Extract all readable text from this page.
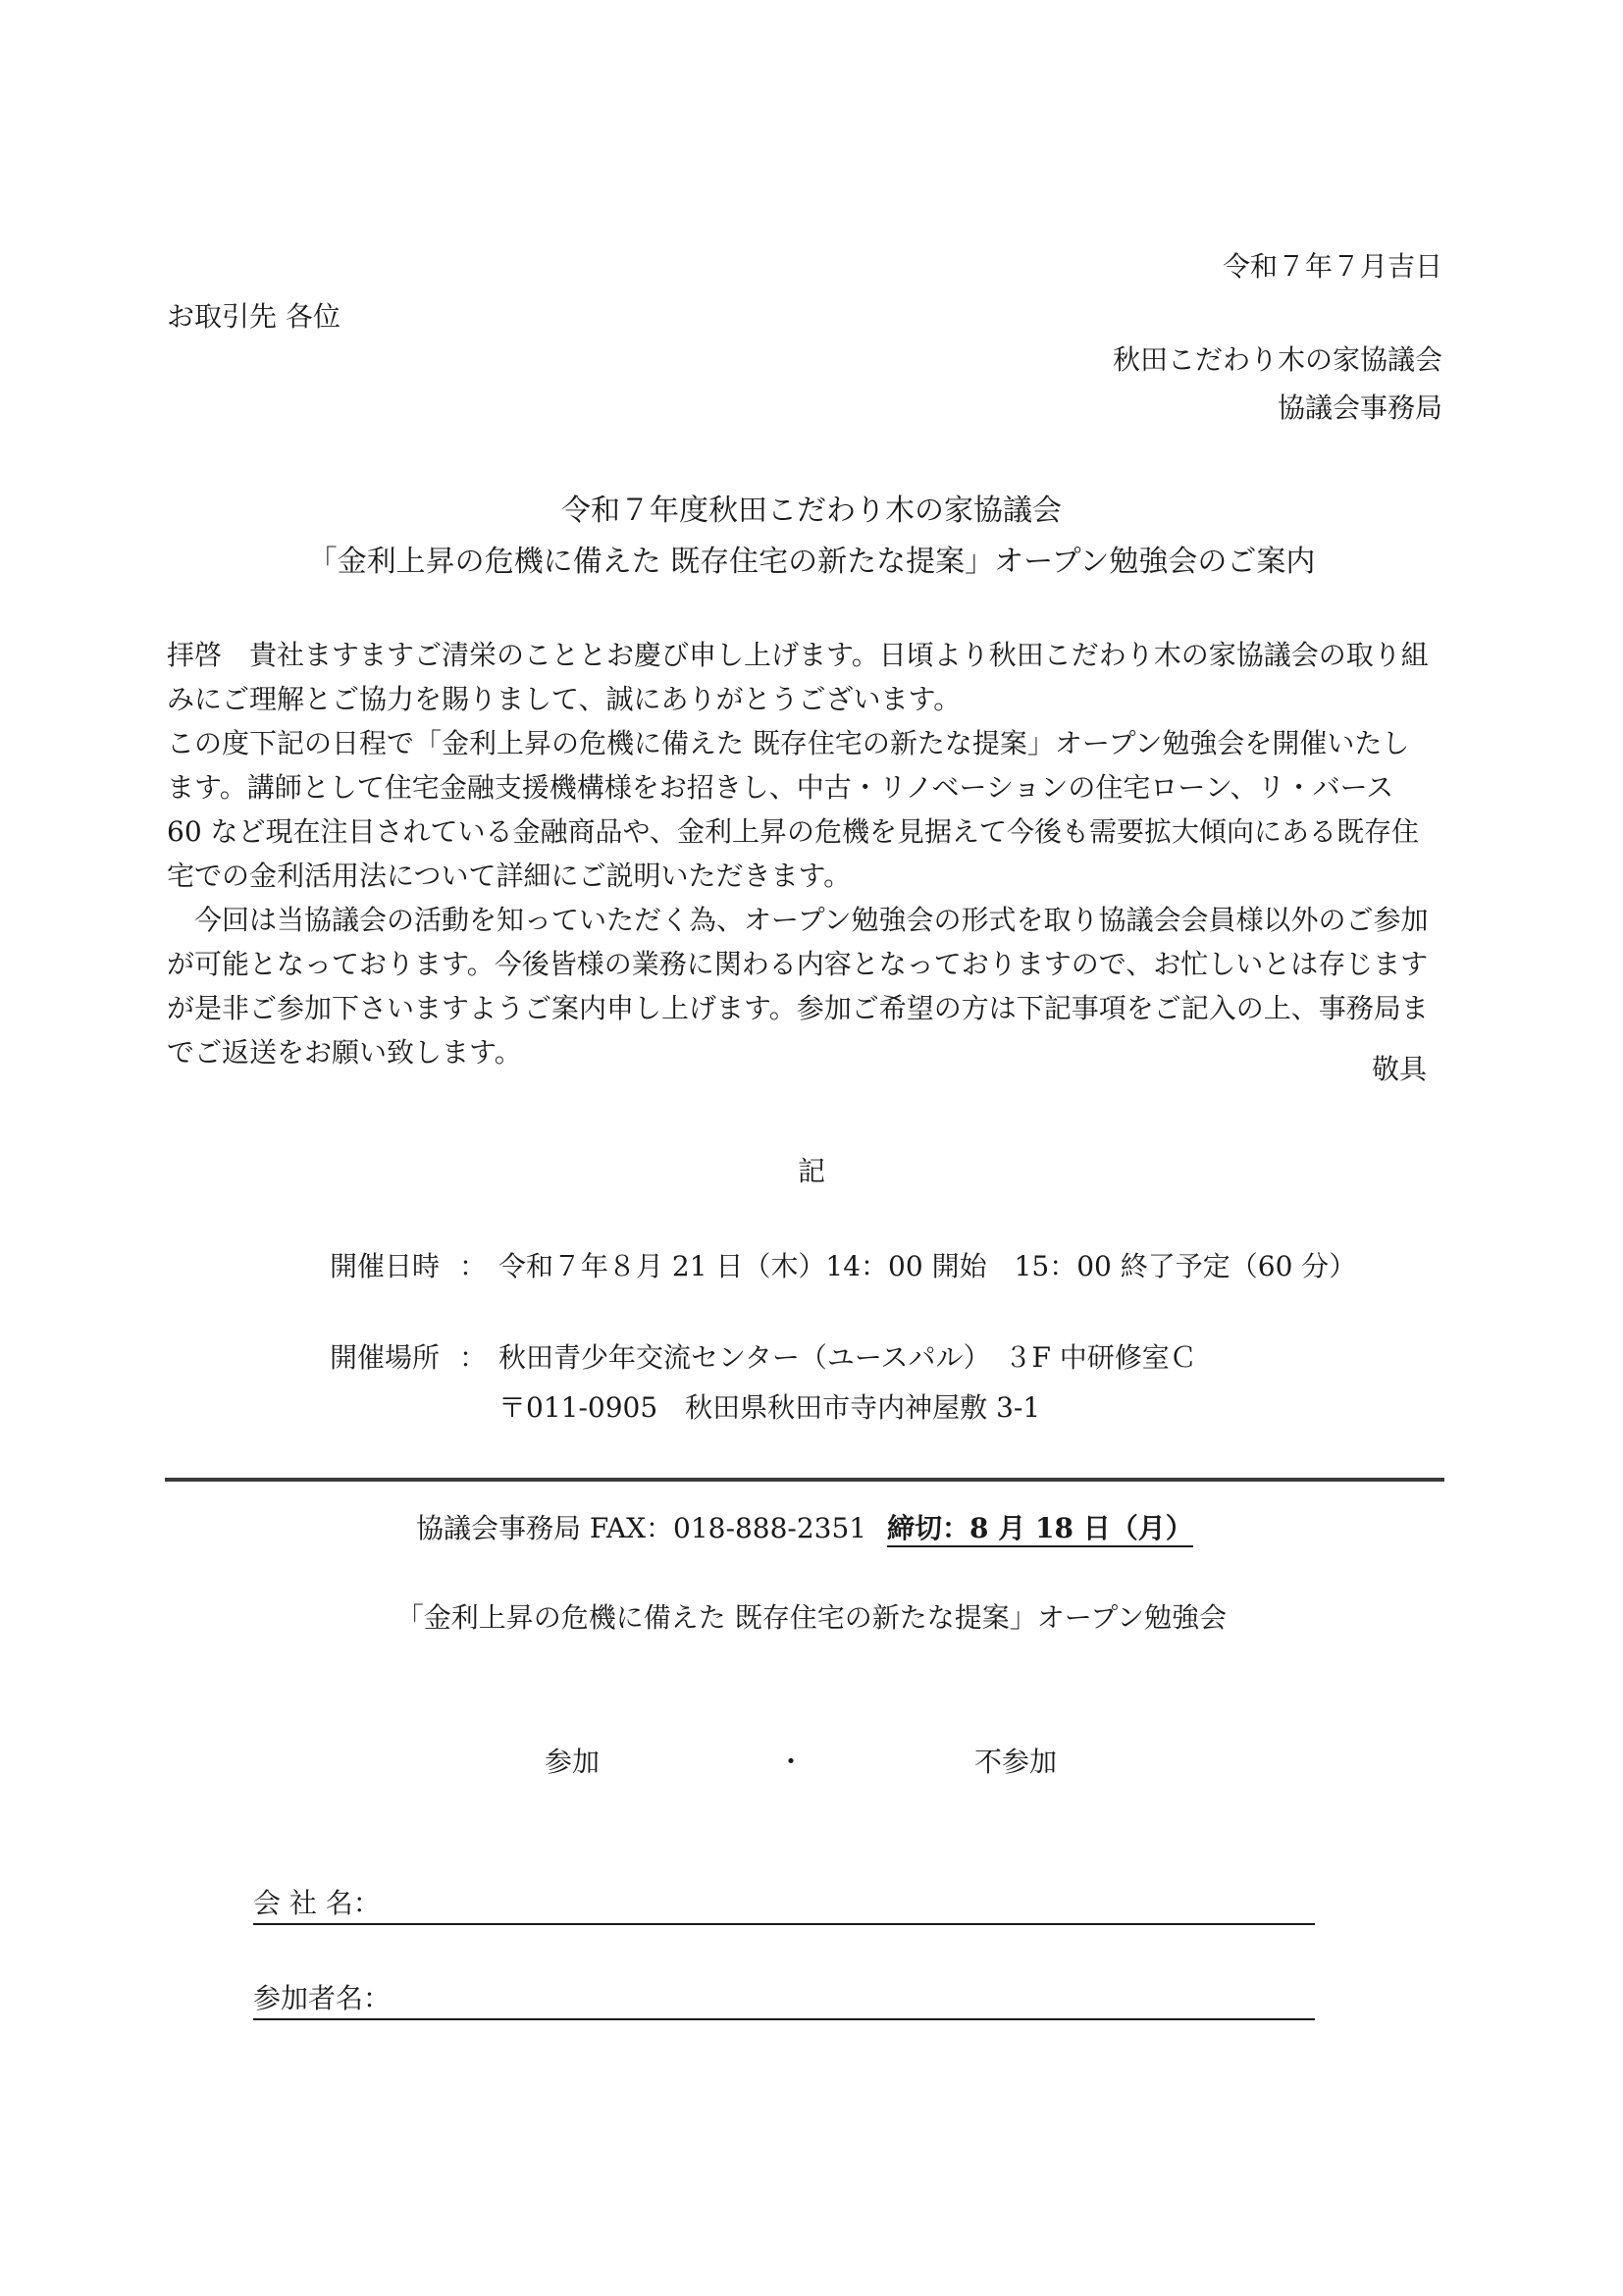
令和７年７月吉日
お取引先 各位
秋田こだわり木の家協議会
協議会事務局
令和７年度秋田こだわり木の家協議会
「金利上昇の危機に備えた 既存住宅の新たな提案」オープン勉強会のご案内
拝啓　貴社ますますご清栄のこととお慶び申し上げます。日頃より秋田こだわり木の家協議会の取り組みにご理解とご協力を賜りまして、誠にありがとうございます。
この度下記の日程で「金利上昇の危機に備えた 既存住宅の新たな提案」オープン勉強会を開催いたします。講師として住宅金融支援機構様をお招きし、中古・リノベーションの住宅ローン、リ・バース 60 など現在注目されている金融商品や、金利上昇の危機を見据えて今後も需要拡大傾向にある既存住宅での金利活用法について詳細にご説明いただきます。
今回は当協議会の活動を知っていただく為、オープン勉強会の形式を取り協議会会員様以外のご参加が可能となっております。今後皆様の業務に関わる内容となっておりますので、お忙しいとは存じますが是非ご参加下さいますようご案内申し上げます。参加ご希望の方は下記事項をご記入の上、事務局までご返送をお願い致します。
敬具
記
開催日時 ： 令和７年８月 21 日（木）14：00 開始　15：00 終了予定（60 分）
開催場所 ： 秋田青少年交流センター（ユースパル）　３F 中研修室Ｃ
〒011-0905　秋田県秋田市寺内神屋敷 3-1
協議会事務局 FAX：018-888-2351 締切：8 月 18 日（月）
「金利上昇の危機に備えた 既存住宅の新たな提案」オープン勉強会
参加	・	不参加
会 社 名：
参加者名：
